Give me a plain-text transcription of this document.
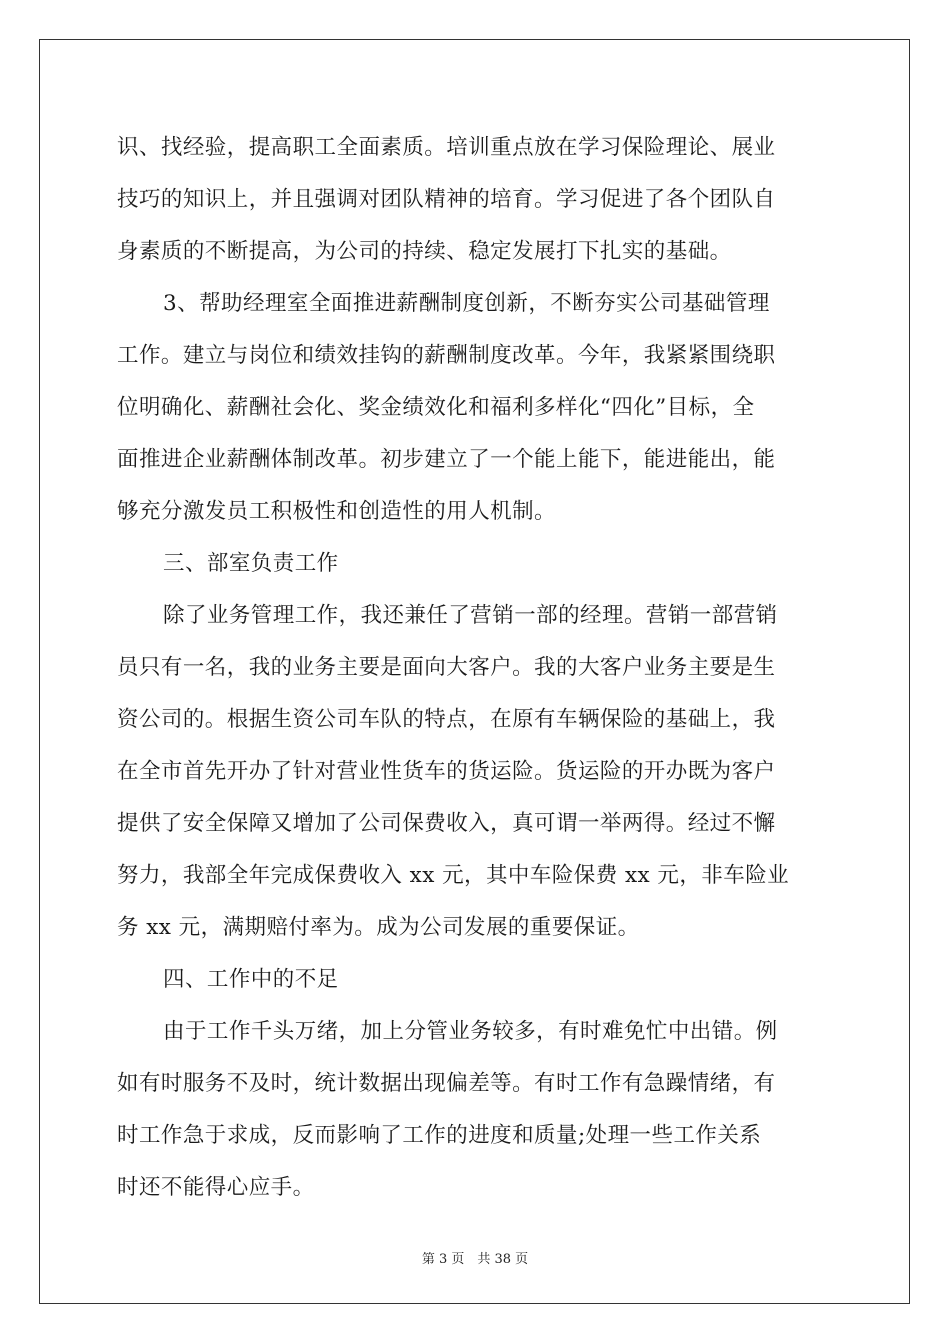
识、找经验，提高职工全面素质。培训重点放在学习保险理论、展业
技巧的知识上，并且强调对团队精神的培育。学习促进了各个团队自
身素质的不断提高，为公司的持续、稳定发展打下扎实的基础。
3、帮助经理室全面推进薪酬制度创新，不断夯实公司基础管理
工作。建立与岗位和绩效挂钩的薪酬制度改革。今年，我紧紧围绕职
位明确化、薪酬社会化、奖金绩效化和福利多样化“四化”目标，全
面推进企业薪酬体制改革。初步建立了一个能上能下，能进能出，能
够充分激发员工积极性和创造性的用人机制。
三、部室负责工作
除了业务管理工作，我还兼任了营销一部的经理。营销一部营销
员只有一名，我的业务主要是面向大客户。我的大客户业务主要是生
资公司的。根据生资公司车队的特点，在原有车辆保险的基础上，我
在全市首先开办了针对营业性货车的货运险。货运险的开办既为客户
提供了安全保障又增加了公司保费收入，真可谓一举两得。经过不懈
努力，我部全年完成保费收入 xx 元，其中车险保费 xx 元，非车险业
务 xx 元，满期赔付率为。成为公司发展的重要保证。
四、工作中的不足
由于工作千头万绪，加上分管业务较多，有时难免忙中出错。例
如有时服务不及时，统计数据出现偏差等。有时工作有急躁情绪，有
时工作急于求成，反而影响了工作的进度和质量;处理一些工作关系
时还不能得心应手。
第 3 页　共 38 页
